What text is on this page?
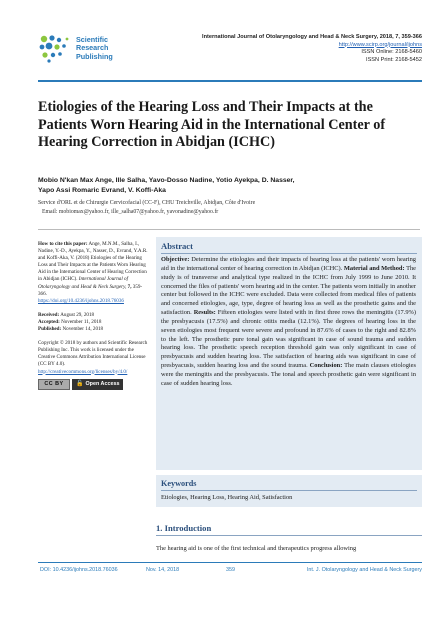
Scientific
Research
Publishing
International Journal of Otolaryngology and Head & Neck Surgery, 2018, 7, 359-366
http://www.scirp.org/journal/ijohns
ISSN Online: 2168-5460
ISSN Print: 2168-5452
Etiologies of the Hearing Loss and Their Impacts at the Patients Worn Hearing Aid in the International Center of Hearing Correction in Abidjan (ICHC)
Mobio N'kan Max Ange, Ille Salha, Yavo-Dosso Nadine, Yotio Ayekpa, D. Nasser,
Yapo Assi Romaric Evrand, V. Koffi-Aka
Service d'ORL et de Chirurgie Cervicofacial (CC-F), CHU Treichville, Abidjan, Côte d'Ivoire
Email: mobiomax@yahoo.fr, ille_salha07@yahoo.fr, yavonadine@yahoo.fr
How to cite this paper: Ange, M.N.M., Salha, I., Nadine, Y.-D., Ayekpa, Y., Nasser, D., Evrand, Y.A.R. and Koffi-Aka, V. (2018) Etiologies of the Hearing Loss and Their Impacts at the Patients Worn Hearing Aid in the International Center of Hearing Correction in Abidjan (ICHC). International Journal of Otolaryngology and Head & Neck Surgery, 7, 359-366.
https://doi.org/10.4236/ijohns.2018.76036
Received: August 29, 2018
Accepted: November 11, 2018
Published: November 14, 2018
Copyright © 2018 by authors and Scientific Research Publishing Inc. This work is licensed under the Creative Commons Attribution International License (CC BY 4.0).
http://creativecommons.org/licenses/by/4.0/
CC BY	🔓 Open Access
Abstract

Objective: Determine the etiologies and their impacts of hearing loss at the patients' worn hearing aid in the international center of hearing correction in Abidjan (ICHC). Material and Method: The study is of transverse and analytical type realized in the ICHC from July 1999 to June 2010. It concerned the files of patients' worn hearing aid in the center. The patients worn initially in another center but followed in the ICHC were excluded. Data were collected from medical files of patients and concerned etiologies, age, type, degree of hearing loss as well as the prosthetic gains and the satisfaction. Results: Fifteen etiologies were listed with in first three rows the meningitis (17.9%) the presbyacusis (17.5%) and chronic otitis media (12.1%). The degrees of hearing loss in the seven etiologies most frequent were severe and profound in 87.6% of cases to the right and 82.8% to the left. The prosthetic pure tonal gain was significant in case of sound trauma and sudden hearing loss. The prosthetic speech reception threshold gain was only significant in case of presbyacusis and sudden hearing loss. The satisfaction of hearing aids was significant in case of presbyacusis, sudden hearing loss and the sound trauma. Conclusion: The main clauses etiologies were the meningitis and the presbyacusis. The tonal and speech prosthetic gain were significant in case of sudden hearing loss.

Keywords
Etiologies, Hearing Loss, Hearing Aid, Satisfaction
1. Introduction

The hearing aid is one of the first technical and therapeutics progress allowing

DOI: 10.4236/ijohns.2018.76036	Nov. 14, 2018	359	Int. J. Otolaryngology and Head & Neck Surgery
